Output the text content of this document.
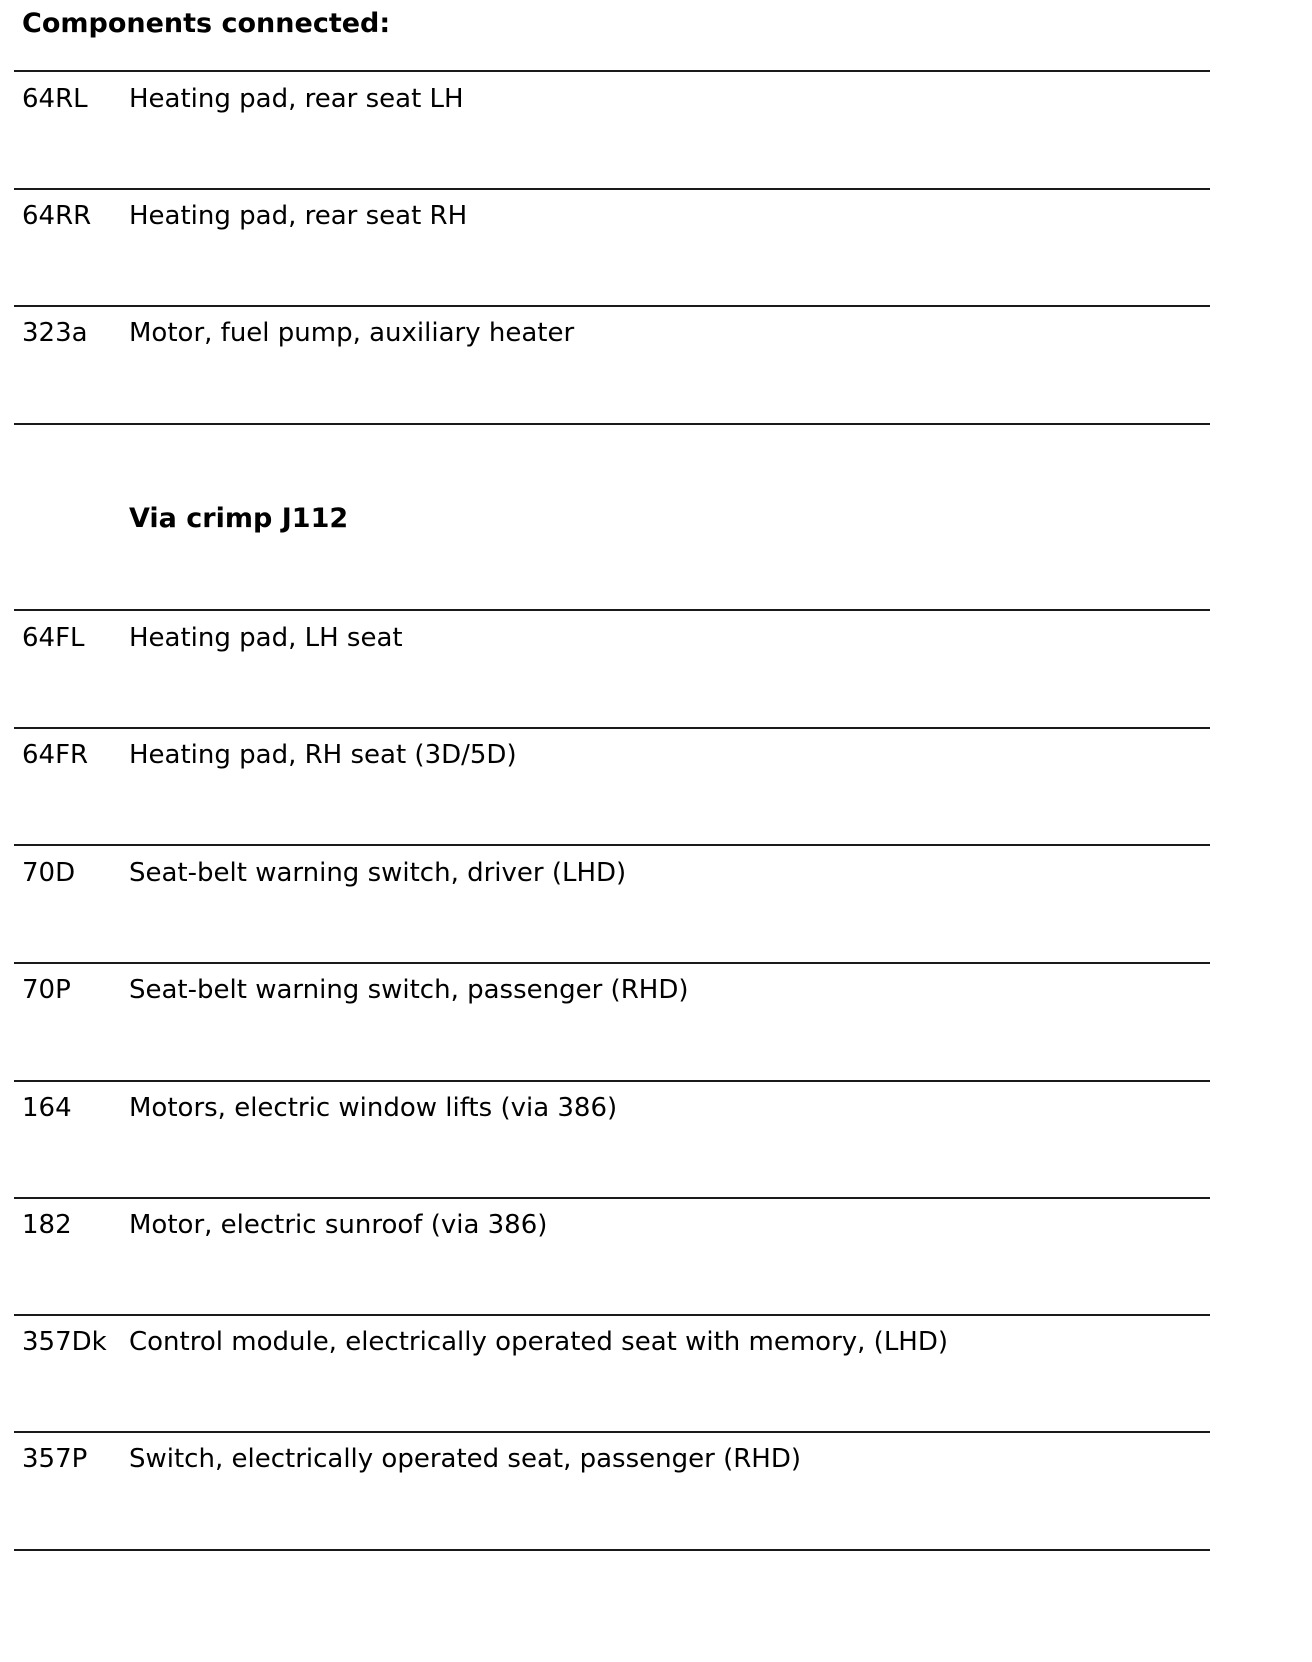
Components connected:
64RL Heating pad, rear seat LH
64RR Heating pad, rear seat RH
323a Motor, fuel pump, auxiliary heater
Via crimp J112
64FL Heating pad, LH seat
64FR Heating pad, RH seat (3D/5D)
70D Seat-belt warning switch, driver (LHD)
70P Seat-belt warning switch, passenger (RHD)
164 Motors, electric window lifts (via 386)
182 Motor, electric sunroof (via 386)
357Dk Control module, electrically operated seat with memory, (LHD)
357P Switch, electrically operated seat, passenger (RHD)
